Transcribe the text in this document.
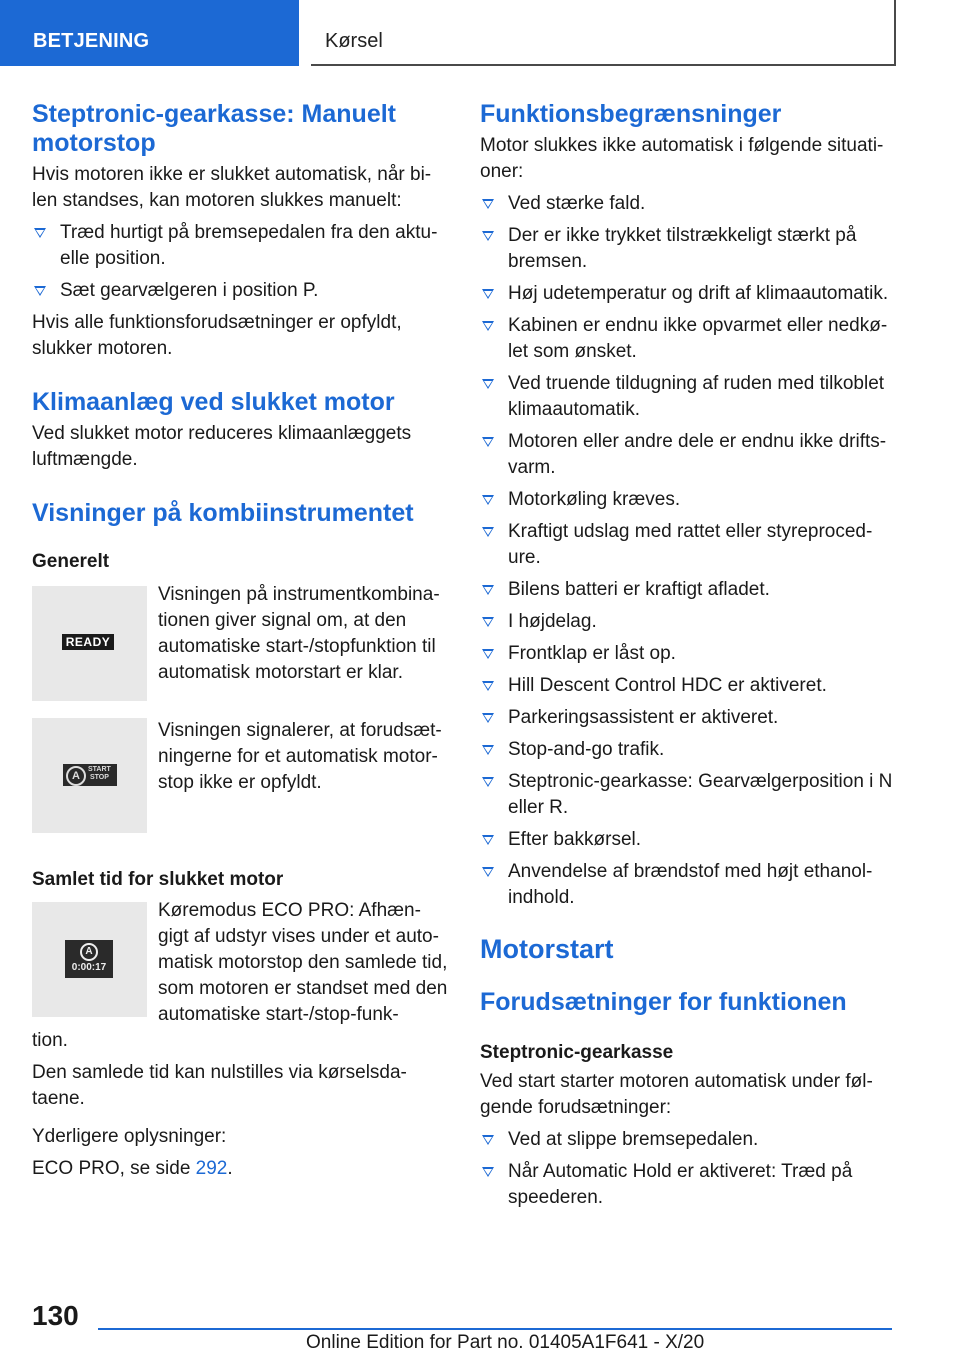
BETJENING	Kørsel
Steptronic-gearkasse: Manuelt motorstop

Hvis motoren ikke er slukket automatisk, når bi‐ len standses, kan motoren slukkes manuelt:

Træd hurtigt på bremsepedalen fra den aktu‐ elle position.
Sæt gearvælgeren i position P.

Hvis alle funktionsforudsætninger er opfyldt, slukker motoren.

Klimaanlæg ved slukket motor

Ved slukket motor reduceres klimaanlæggets luftmængde.

Visninger på kombiinstrumentet
Generelt
READY

Visningen på instrumentkombina‐ tionen giver signal om, at den automatiske start-/stopfunktion til automatisk motorstart er klar.

A
START
STOP

Visningen signalerer, at forudsæt‐ ningerne for et automatisk motor‐ stop ikke er opfyldt.

Samlet tid for slukket motor
A
0:00:17

Køremodus ECO PRO: Afhæn‐ gigt af udstyr vises under et auto‐ matisk motorstop den samlede tid, som motoren er standset med den automatiske start-/stop-funk‐

tion.

Den samlede tid kan nulstilles via kørselsda‐ taene.

Yderligere oplysninger:

ECO PRO, se side 292.

Funktionsbegrænsninger

Motor slukkes ikke automatisk i følgende situati‐ oner:

Ved stærke fald.
Der er ikke trykket tilstrækkeligt stærkt på bremsen.
Høj udetemperatur og drift af klimaautomatik.
Kabinen er endnu ikke opvarmet eller nedkø‐ let som ønsket.
Ved truende tildugning af ruden med tilkoblet klimaautomatik.
Motoren eller andre dele er endnu ikke drifts‐ varm.
Motorkøling kræves.
Kraftigt udslag med rattet eller styreproced‐ ure.
Bilens batteri er kraftigt afladet.
I højdelag.
Frontklap er låst op.
Hill Descent Control HDC er aktiveret.
Parkeringsassistent er aktiveret.
Stop-and-go trafik.
Steptronic-gearkasse: Gearvælgerposition i N eller R.
Efter bakkørsel.
Anvendelse af brændstof med højt ethanol‐ indhold.
Motorstart
Forudsætninger for funktionen
Steptronic-gearkasse

Ved start starter motoren automatisk under føl‐ gende forudsætninger:

Ved at slippe bremsepedalen.
Når Automatic Hold er aktiveret: Træd på speederen.
130
Online Edition for Part no. 01405A1F641 - X/20
